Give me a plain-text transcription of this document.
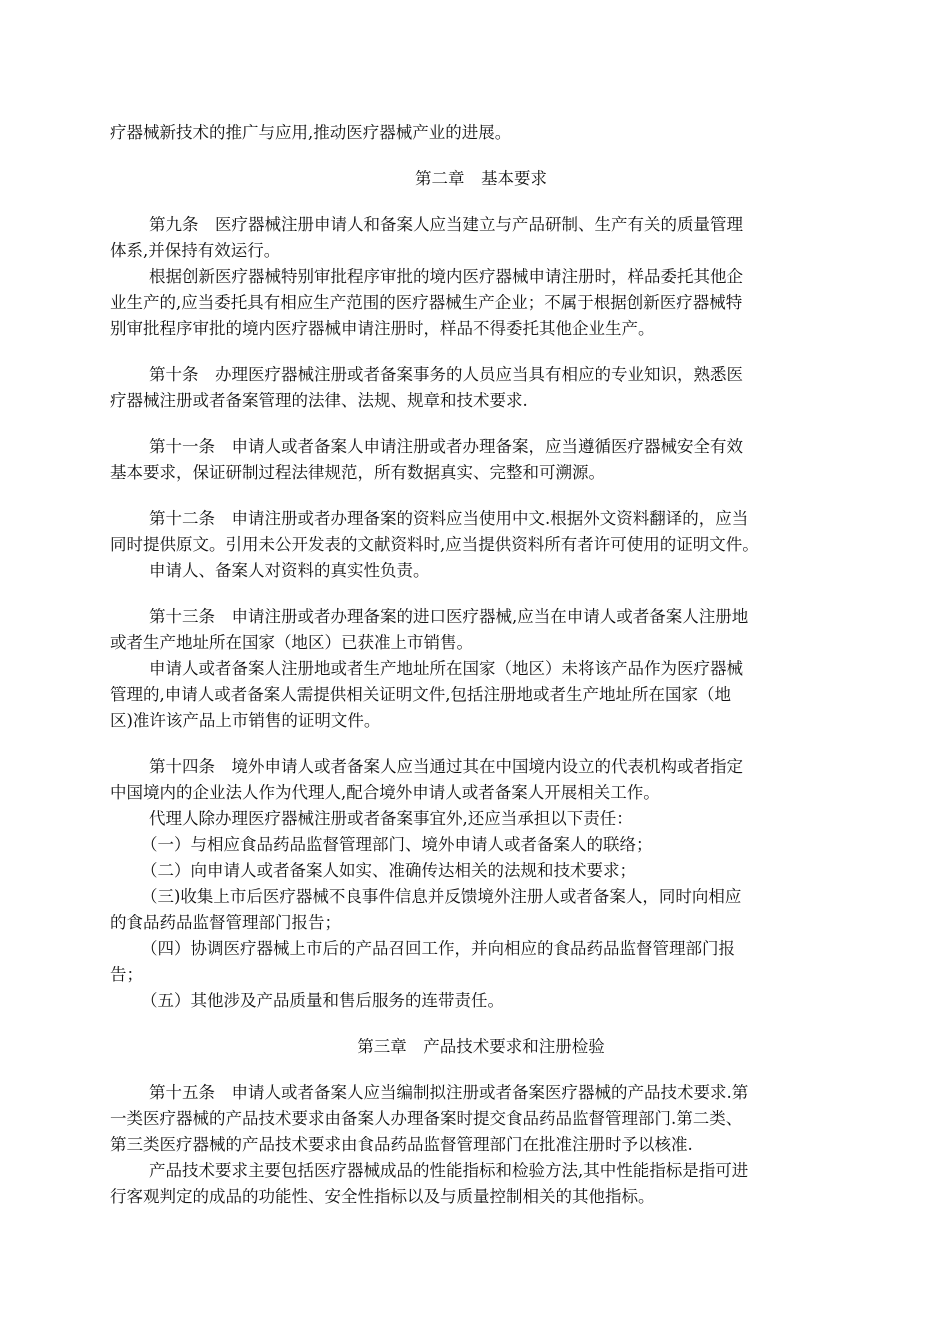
疗器械新技术的推广与应用,推动医疗器械产业的进展。

第二章　基本要求

第九条　医疗器械注册申请人和备案人应当建立与产品研制、生产有关的质量管理

体系,并保持有效运行。

根据创新医疗器械特别审批程序审批的境内医疗器械申请注册时，样品委托其他企

业生产的,应当委托具有相应生产范围的医疗器械生产企业；不属于根据创新医疗器械特

别审批程序审批的境内医疗器械申请注册时，样品不得委托其他企业生产。

第十条　办理医疗器械注册或者备案事务的人员应当具有相应的专业知识，熟悉医

疗器械注册或者备案管理的法律、法规、规章和技术要求.

第十一条　申请人或者备案人申请注册或者办理备案，应当遵循医疗器械安全有效

基本要求，保证研制过程法律规范，所有数据真实、完整和可溯源。

第十二条　申请注册或者办理备案的资料应当使用中文.根据外文资料翻译的，应当

同时提供原文。引用未公开发表的文献资料时,应当提供资料所有者许可使用的证明文件。

申请人、备案人对资料的真实性负责。

第十三条　申请注册或者办理备案的进口医疗器械,应当在申请人或者备案人注册地

或者生产地址所在国家（地区）已获准上市销售。

申请人或者备案人注册地或者生产地址所在国家（地区）未将该产品作为医疗器械

管理的,申请人或者备案人需提供相关证明文件,包括注册地或者生产地址所在国家（地

区)准许该产品上市销售的证明文件。

第十四条　境外申请人或者备案人应当通过其在中国境内设立的代表机构或者指定

中国境内的企业法人作为代理人,配合境外申请人或者备案人开展相关工作。

代理人除办理医疗器械注册或者备案事宜外,还应当承担以下责任：

（一）与相应食品药品监督管理部门、境外申请人或者备案人的联络；

（二）向申请人或者备案人如实、准确传达相关的法规和技术要求；

（三)收集上市后医疗器械不良事件信息并反馈境外注册人或者备案人，同时向相应

的食品药品监督管理部门报告；

（四）协调医疗器械上市后的产品召回工作，并向相应的食品药品监督管理部门报

告；

（五）其他涉及产品质量和售后服务的连带责任。

第三章　产品技术要求和注册检验

第十五条　申请人或者备案人应当编制拟注册或者备案医疗器械的产品技术要求.第

一类医疗器械的产品技术要求由备案人办理备案时提交食品药品监督管理部门.第二类、

第三类医疗器械的产品技术要求由食品药品监督管理部门在批准注册时予以核准.

产品技术要求主要包括医疗器械成品的性能指标和检验方法,其中性能指标是指可进

行客观判定的成品的功能性、安全性指标以及与质量控制相关的其他指标。
